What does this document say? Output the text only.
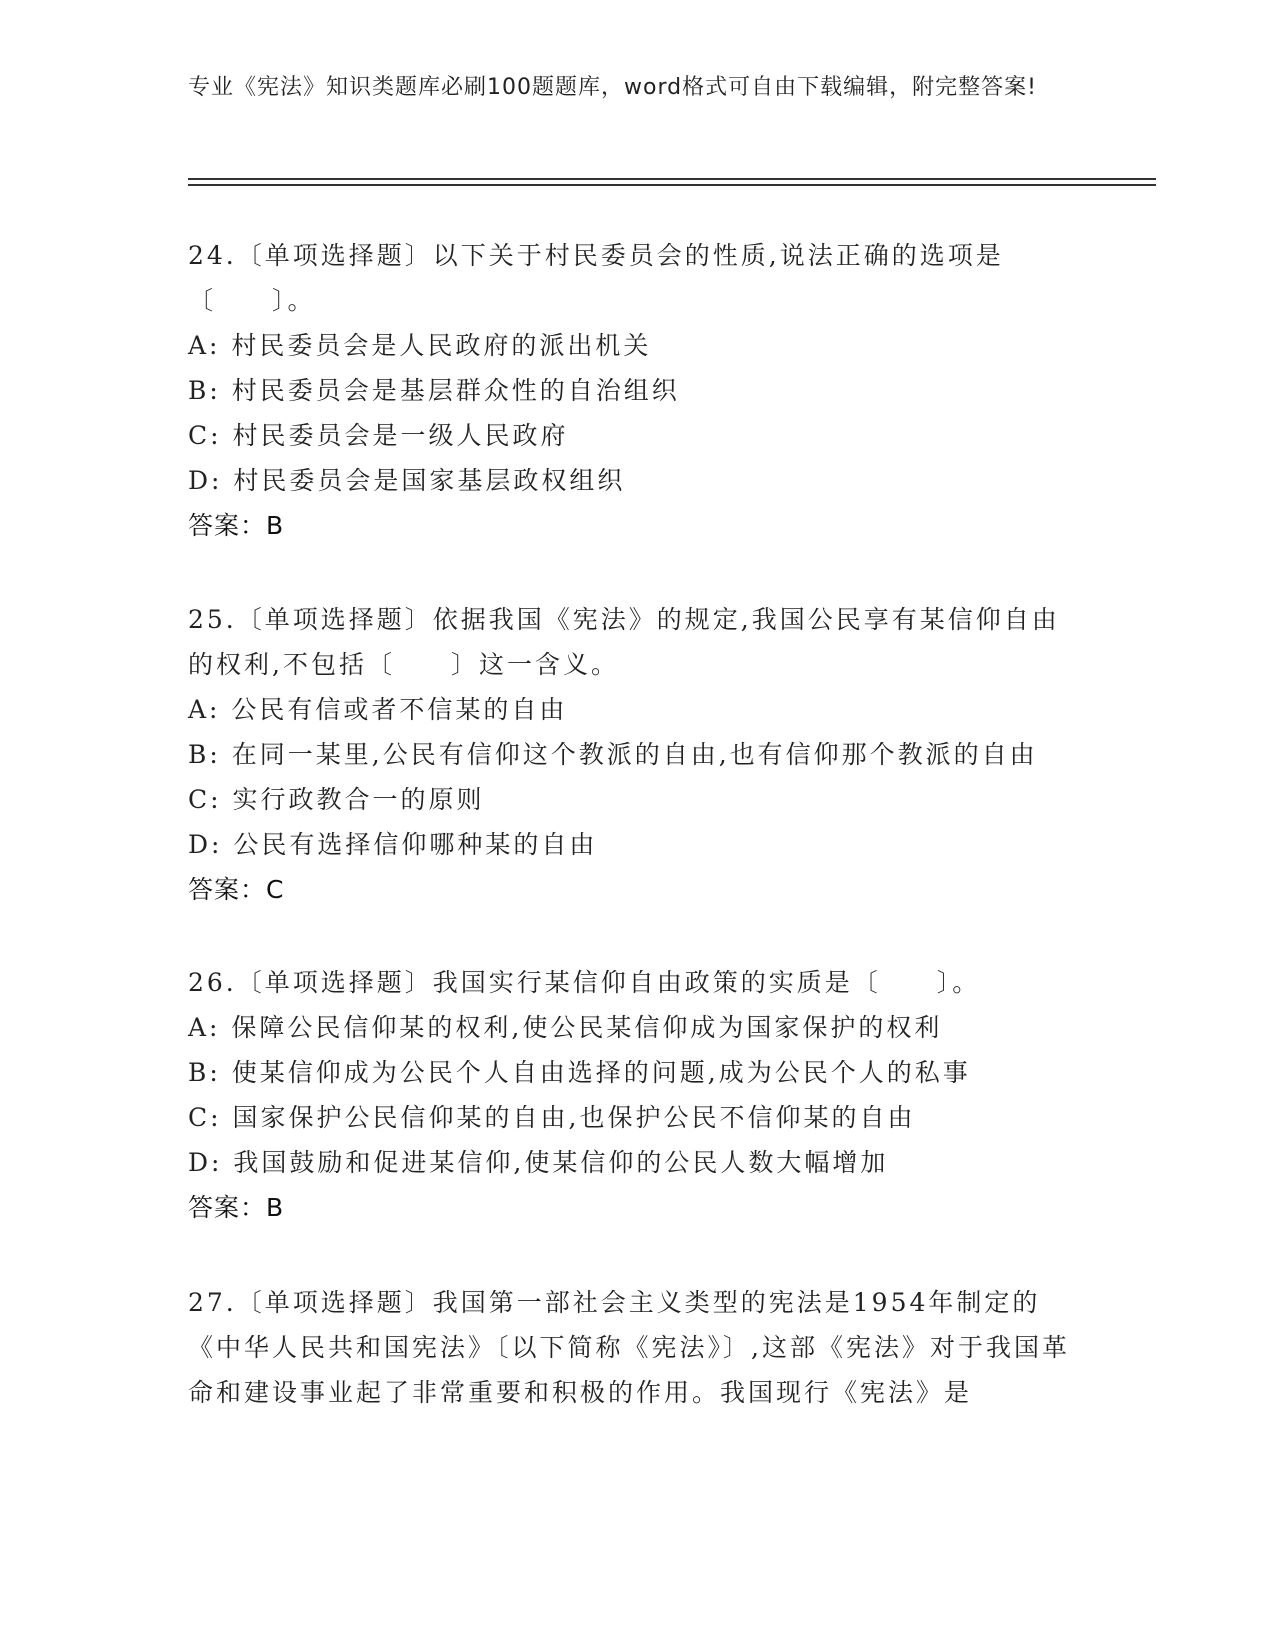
专业《宪法》知识类题库必刷100题题库，word格式可自由下载编辑，附完整答案!

24.〔单项选择题〕以下关于村民委员会的性质,说法正确的选项是〔　　〕。

A: 村民委员会是人民政府的派出机关

B: 村民委员会是基层群众性的自治组织

C: 村民委员会是一级人民政府

D: 村民委员会是国家基层政权组织

答案：B

25.〔单项选择题〕依据我国《宪法》的规定,我国公民享有某信仰自由的权利,不包括〔　　〕这一含义。

A: 公民有信或者不信某的自由

B: 在同一某里,公民有信仰这个教派的自由,也有信仰那个教派的自由

C: 实行政教合一的原则

D: 公民有选择信仰哪种某的自由

答案：C

26.〔单项选择题〕我国实行某信仰自由政策的实质是〔　　〕。

A: 保障公民信仰某的权利,使公民某信仰成为国家保护的权利

B: 使某信仰成为公民个人自由选择的问题,成为公民个人的私事

C: 国家保护公民信仰某的自由,也保护公民不信仰某的自由

D: 我国鼓励和促进某信仰,使某信仰的公民人数大幅增加

答案：B

27.〔单项选择题〕我国第一部社会主义类型的宪法是1954年制定的《中华人民共和国宪法》〔以下简称《宪法》〕,这部《宪法》对于我国革命和建设事业起了非常重要和积极的作用。我国现行《宪法》是
